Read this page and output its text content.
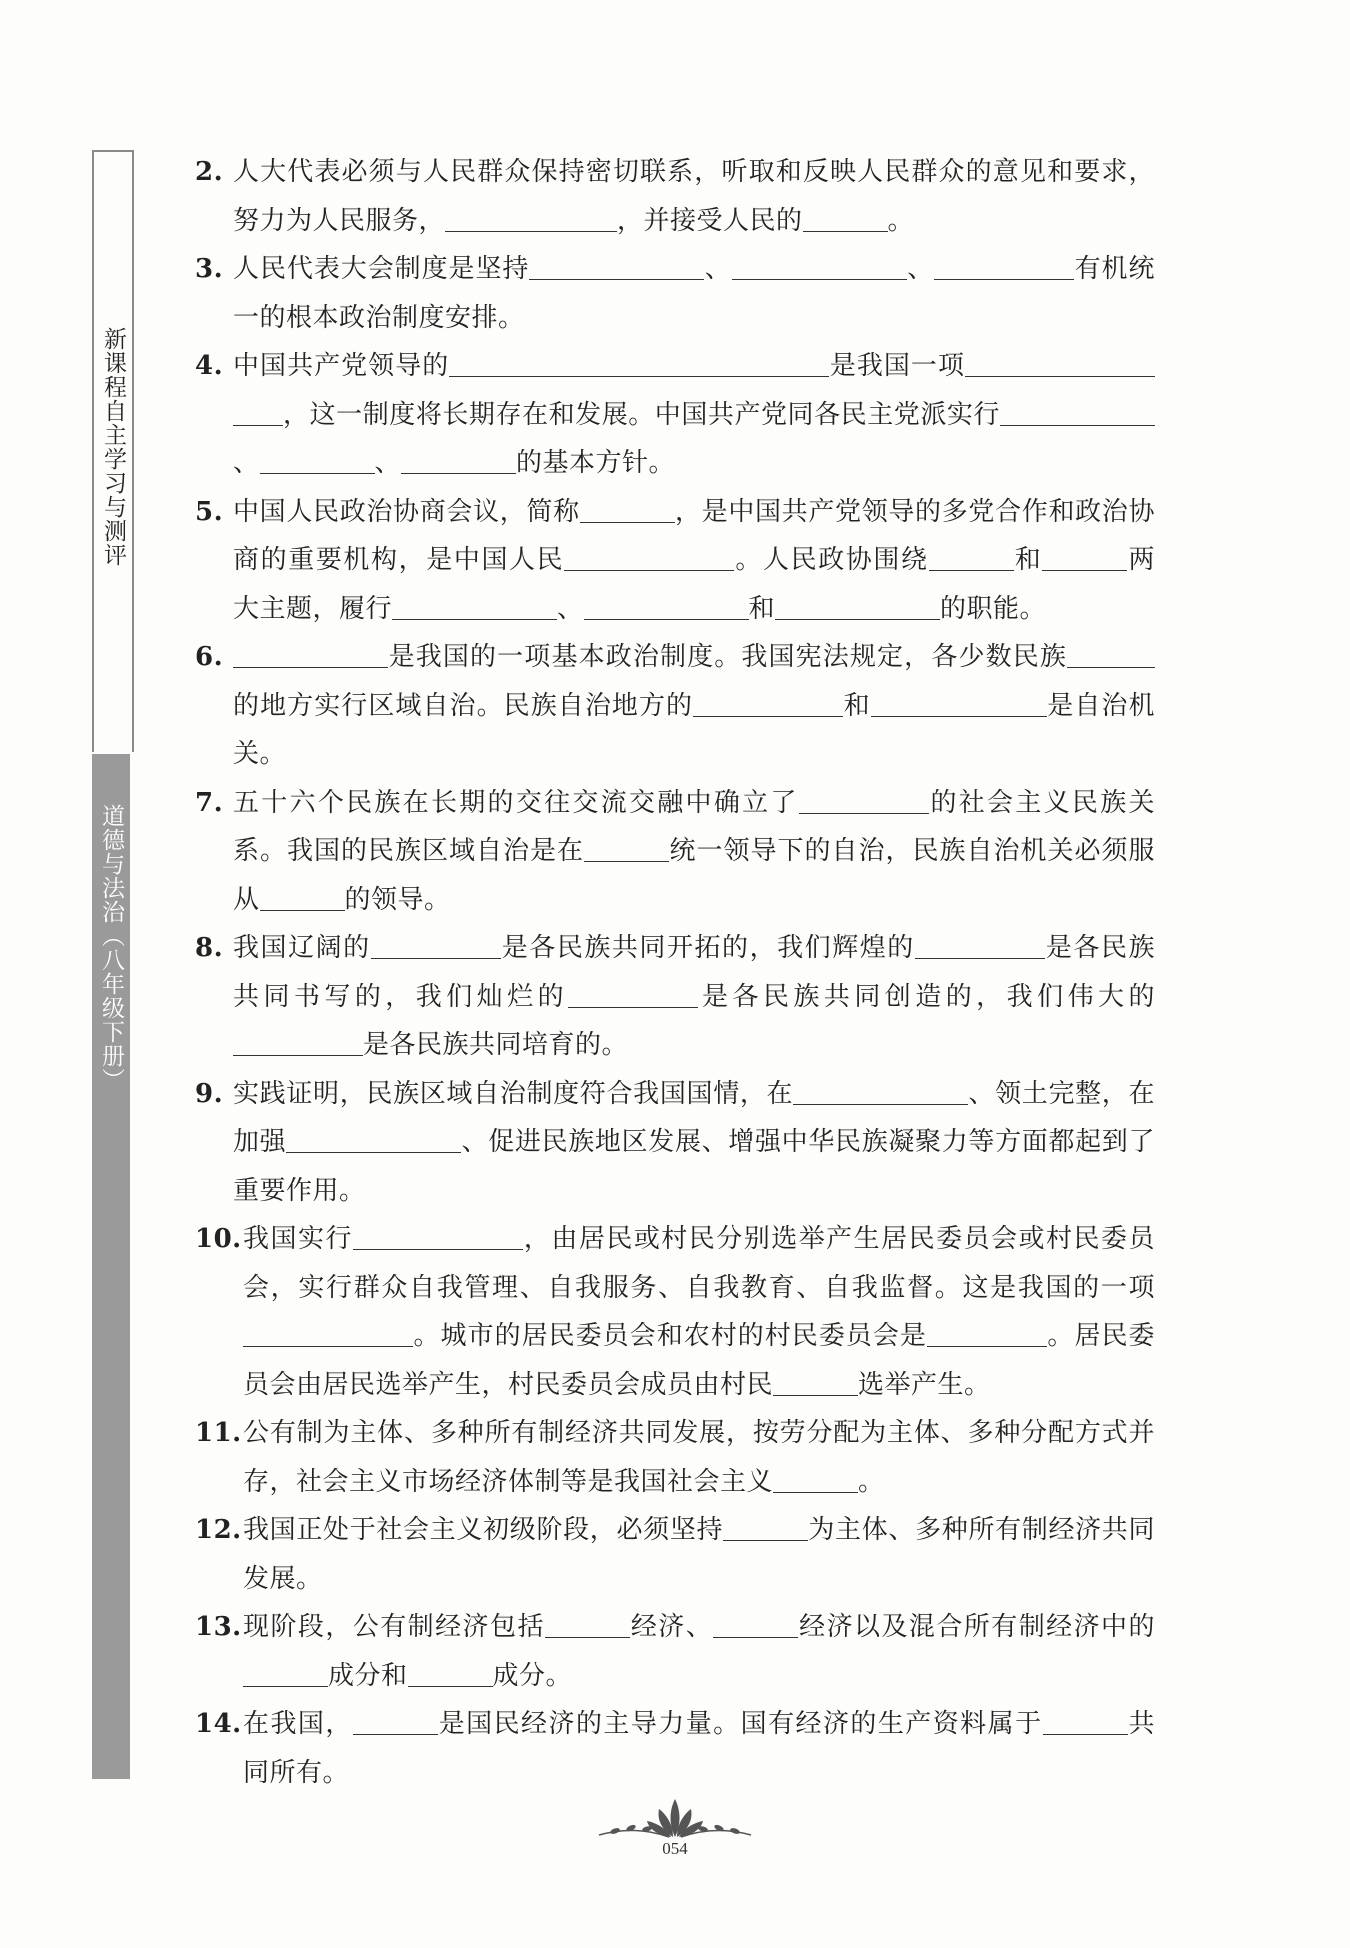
新课程自主学习与测评
道德与法治（八年级下册）
2. 人大代表必须与人民群众保持密切联系，听取和反映人民群众的意见和要求，努力为人民服务，	，并接受人民的	。
3. 人民代表大会制度是坚持	、	、	有机统一的根本政治制度安排。
4. 中国共产党领导的	是我国一项，这一制度将长期存在和发展。中国共产党同各民主党派实行、	、	的基本方针。
5. 中国人民政治协商会议，简称	，是中国共产党领导的多党合作和政治协商的重要机构，是中国人民	。人民政协围绕	和	两大主题，履行	、	和	的职能。
6.	是我国的一项基本政治制度。我国宪法规定，各少数民族的地方实行区域自治。民族自治地方的	和	是自治机关。
7. 五十六个民族在长期的交往交流交融中确立了	的社会主义民族关系。我国的民族区域自治是在	统一领导下的自治，民族自治机关必须服从	的领导。
8. 我国辽阔的	是各民族共同开拓的，我们辉煌的	是各民族共同书写的，我们灿烂的	是各民族共同创造的，我们伟大的是各民族共同培育的。
9. 实践证明，民族区域自治制度符合我国国情，在	、领土完整，在加强	、促进民族地区发展、增强中华民族凝聚力等方面都起到了重要作用。
10. 我国实行	，由居民或村民分别选举产生居民委员会或村民委员会，实行群众自我管理、自我服务、自我教育、自我监督。这是我国的一项。城市的居民委员会和农村的村民委员会是	。居民委员会由居民选举产生，村民委员会成员由村民	选举产生。
11. 公有制为主体、多种所有制经济共同发展，按劳分配为主体、多种分配方式并存，社会主义市场经济体制等是我国社会主义	。
12. 我国正处于社会主义初级阶段，必须坚持	为主体、多种所有制经济共同发展。
13. 现阶段，公有制经济包括	经济、	经济以及混合所有制经济中的成分和	成分。
14. 在我国，	是国民经济的主导力量。国有经济的生产资料属于	共同所有。
054
